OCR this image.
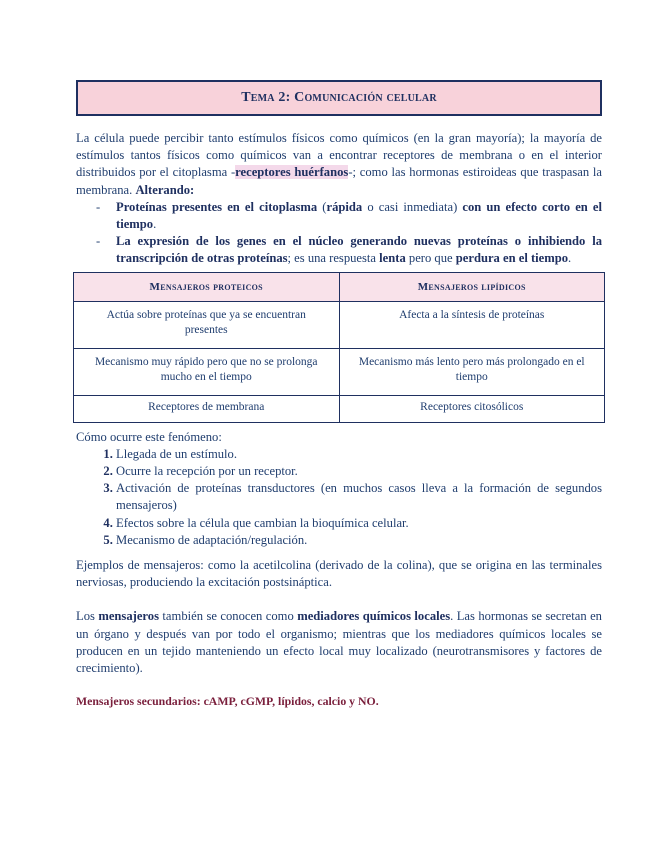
Tema 2: Comunicación celular
La célula puede percibir tanto estímulos físicos como químicos (en la gran mayoría); la mayoría de estímulos tantos físicos como químicos van a encontrar receptores de membrana o en el interior distribuidos por el citoplasma -receptores huérfanos-; como las hormonas estiroideas que traspasan la membrana. Alterando:
- Proteínas presentes en el citoplasma (rápida o casi inmediata) con un efecto corto en el tiempo.
- La expresión de los genes en el núcleo generando nuevas proteínas o inhibiendo la transcripción de otras proteínas; es una respuesta lenta pero que perdura en el tiempo.
Mensajeros proteicos	Mensajeros lipídicos
Actúa sobre proteínas que ya se encuentran presentes	Afecta a la síntesis de proteínas
Mecanismo muy rápido pero que no se prolonga mucho en el tiempo	Mecanismo más lento pero más prolongado en el tiempo
Receptores de membrana	Receptores citosólicos
Cómo ocurre este fenómeno:
1. Llegada de un estímulo.
2. Ocurre la recepción por un receptor.
3. Activación de proteínas transductores (en muchos casos lleva a la formación de segundos mensajeros)
4. Efectos sobre la célula que cambian la bioquímica celular.
5. Mecanismo de adaptación/regulación.
Ejemplos de mensajeros: como la acetilcolina (derivado de la colina), que se origina en las terminales nerviosas, produciendo la excitación postsináptica.
Los mensajeros también se conocen como mediadores químicos locales. Las hormonas se secretan en un órgano y después van por todo el organismo; mientras que los mediadores químicos locales se producen en un tejido manteniendo un efecto local muy localizado (neurotransmisores y factores de crecimiento).
Mensajeros secundarios: cAMP, cGMP, lípidos, calcio y NO.
